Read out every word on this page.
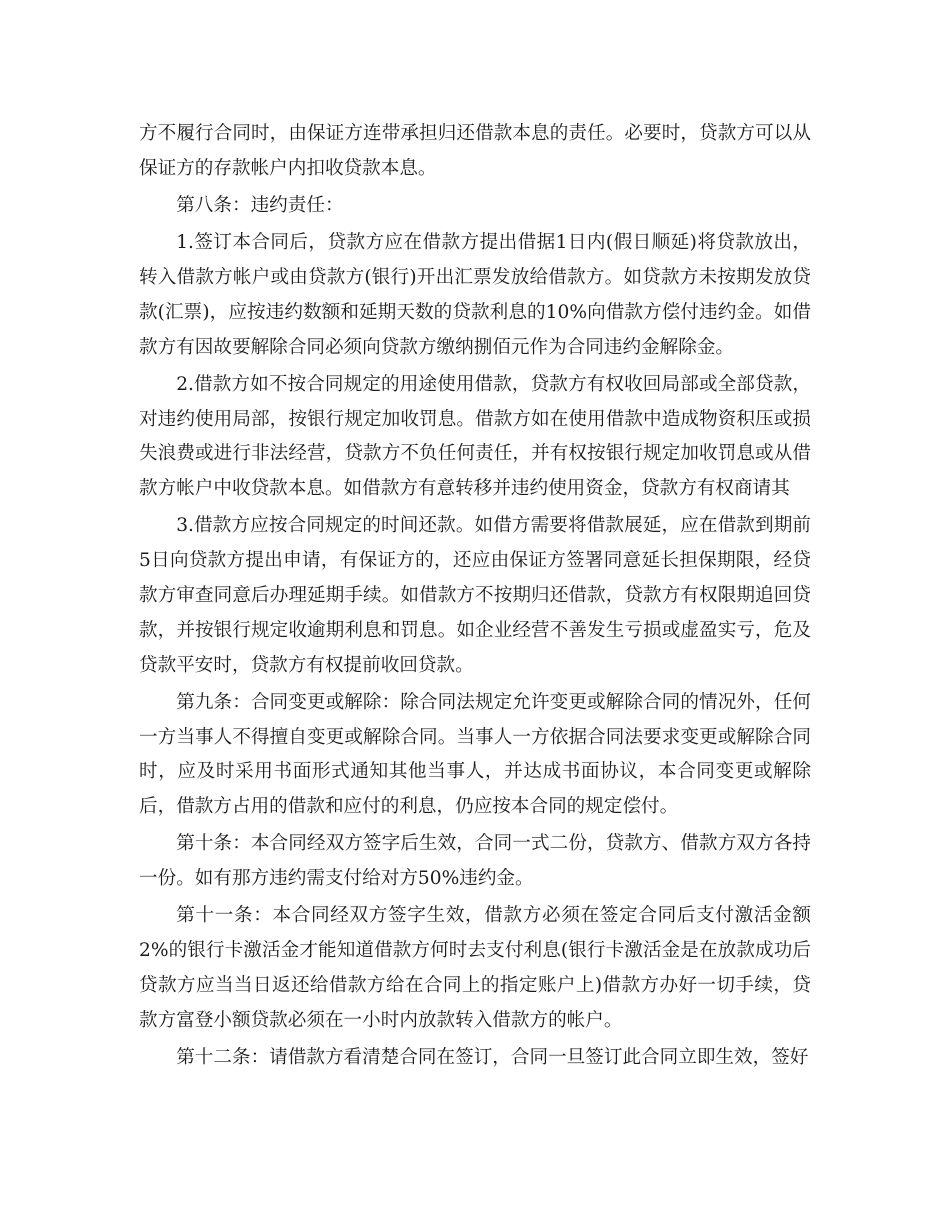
方不履行合同时，由保证方连带承担归还借款本息的责任。必要时，贷款方可以从保证方的存款帐户内扣收贷款本息。

第八条：违约责任：

1.签订本合同后，贷款方应在借款方提出借据1日内(假日顺延)将贷款放出，转入借款方帐户或由贷款方(银行)开出汇票发放给借款方。如贷款方未按期发放贷款(汇票)，应按违约数额和延期天数的贷款利息的10%向借款方偿付违约金。如借款方有因故要解除合同必须向贷款方缴纳捌佰元作为合同违约金解除金。

2.借款方如不按合同规定的用途使用借款，贷款方有权收回局部或全部贷款，对违约使用局部，按银行规定加收罚息。借款方如在使用借款中造成物资积压或损失浪费或进行非法经营，贷款方不负任何责任，并有权按银行规定加收罚息或从借款方帐户中收贷款本息。如借款方有意转移并违约使用资金，贷款方有权商请其

3.借款方应按合同规定的时间还款。如借方需要将借款展延，应在借款到期前5日向贷款方提出申请，有保证方的，还应由保证方签署同意延长担保期限，经贷款方审查同意后办理延期手续。如借款方不按期归还借款，贷款方有权限期追回贷款，并按银行规定收逾期利息和罚息。如企业经营不善发生亏损或虚盈实亏，危及贷款平安时，贷款方有权提前收回贷款。

第九条：合同变更或解除：除合同法规定允许变更或解除合同的情况外，任何一方当事人不得擅自变更或解除合同。当事人一方依据合同法要求变更或解除合同时，应及时采用书面形式通知其他当事人，并达成书面协议，本合同变更或解除后，借款方占用的借款和应付的利息，仍应按本合同的规定偿付。

第十条：本合同经双方签字后生效，合同一式二份，贷款方、借款方双方各持一份。如有那方违约需支付给对方50%违约金。

第十一条：本合同经双方签字生效，借款方必须在签定合同后支付激活金额2%的银行卡激活金才能知道借款方何时去支付利息(银行卡激活金是在放款成功后贷款方应当当日返还给借款方给在合同上的指定账户上)借款方办好一切手续，贷款方富登小额贷款必须在一小时内放款转入借款方的帐户。

第十二条：请借款方看清楚合同在签订，合同一旦签订此合同立即生效，签好
